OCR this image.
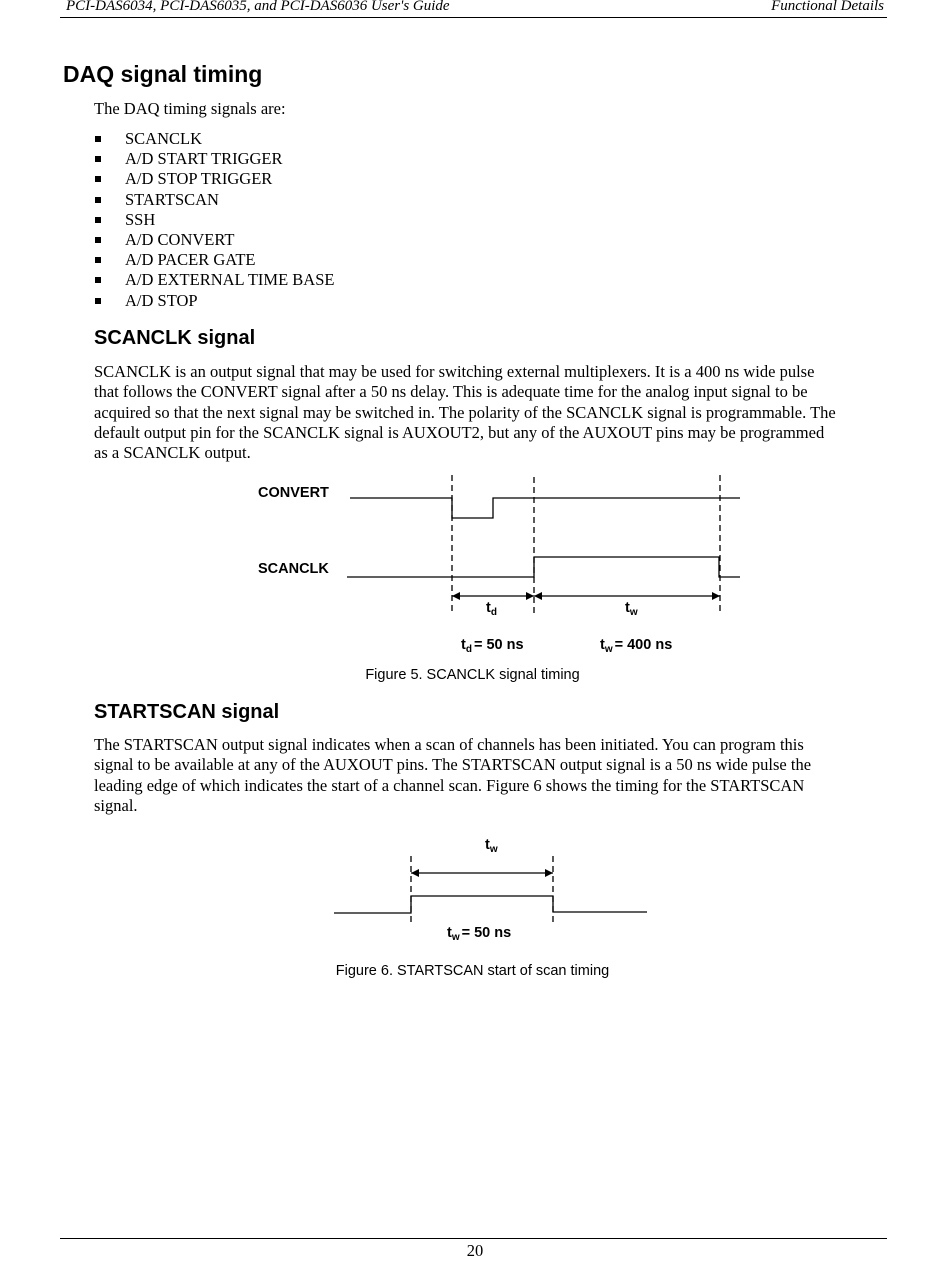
PCI-DAS6034, PCI-DAS6035, and PCI-DAS6036 User's Guide	Functional Details
DAQ signal timing

The DAQ timing signals are:

SCANCLK
A/D START TRIGGER
A/D STOP TRIGGER
STARTSCAN
SSH
A/D CONVERT
A/D PACER GATE
A/D EXTERNAL TIME BASE
A/D STOP
SCANCLK signal
SCANCLK is an output signal that may be used for switching external multiplexers. It is a 400 ns wide pulse
that follows the CONVERT signal after a 50 ns delay. This is adequate time for the analog input signal to be
acquired so that the next signal may be switched in. The polarity of the SCANCLK signal is programmable. The
default output pin for the SCANCLK signal is AUXOUT2, but any of the AUXOUT pins may be programmed
as a SCANCLK output.
CONVERT
SCANCLK
$t_d$	$t_w$
$t_d = 50$ ns	$t_w = 400$ ns
$t_w$
$t_w = 50$ ns

Figure 5. SCANCLK signal timing

STARTSCAN signal
The STARTSCAN output signal indicates when a scan of channels has been initiated. You can program this
signal to be available at any of the AUXOUT pins. The STARTSCAN output signal is a 50 ns wide pulse the
leading edge of which indicates the start of a channel scan. Figure 6 shows the timing for the STARTSCAN
signal.

Figure 6. STARTSCAN start of scan timing

20
